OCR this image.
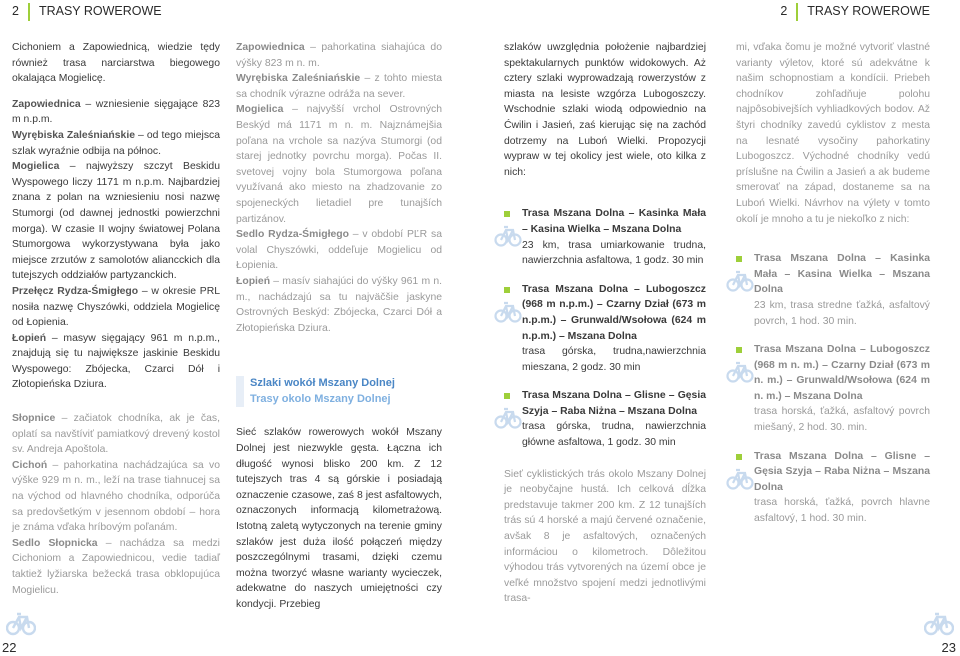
2 TRASY ROWEROWE	2 TRASY ROWEROWE

Cichoniem a Zapowiednicą, wiedzie tędy również trasa narciarstwa biegowego okalająca Mogielicę.

Zapowiednica – wzniesienie sięgające 823 m n.p.m.

Wyrębiska Zaleśniańskie – od tego miejsca szlak wyraźnie odbija na północ.

Mogielica – najwyższy szczyt Beskidu Wyspowego liczy 1171 m n.p.m. Najbardziej znana z polan na wzniesieniu nosi nazwę Stumorgi (od dawnej jednostki powierzchni morga). W czasie II wojny światowej Polana Stumorgowa wykorzystywana była jako miejsce zrzutów z samolotów aliancckich dla tutejszych oddziałów partyzanckich.

Przełęcz Rydza-Śmigłego – w okresie PRL nosiła nazwę Chyszówki, oddziela Mogielicę od Łopienia.

Łopień – masyw sięgający 961 m n.p.m., znajdują się tu największe jaskinie Beskidu Wyspowego: Zbójecka, Czarci Dół i Złotopieńska Dziura.

Słopnice – začiatok chodníka, ak je čas, oplatí sa navštíviť pamiatkový drevený kostol sv. Andreja Apoštola.

Cichoń – pahorkatina nachádzajúca sa vo výške 929 m n. m., leží na trase tiahnucej sa na východ od hlavného chodníka, odporúča sa predovšetkým v jesennom období – hora je známa vďaka hríbovým poľanám.

Sedlo Słopnicka – nachádza sa medzi Cichoniom a Zapowiednicou, vedie tadiaľ taktiež lyžiarska bežecká trasa obklopujúca Mogielicu.

Zapowiednica – pahorkatina siahajúca do výšky 823 m n. m.

Wyrębiska Zaleśniańskie – z tohto miesta sa chodník výrazne odráža na sever.

Mogielica – najvyšší vrchol Ostrovných Beskýd má 1171 m n. m. Najznámejšia poľana na vrchole sa nazýva Stumorgi (od starej jednotky povrchu morga). Počas II. svetovej vojny bola Stumorgowa poľana využívaná ako miesto na zhadzovanie zo spojeneckých lietadiel pre tunajších partizánov.

Sedlo Rydza-Śmigłego – v období PĽR sa volal Chyszówki, oddeľuje Mogielicu od Łopienia.

Łopień – masív siahajúci do výšky 961 m n. m., nachádzajú sa tu najväčšie jaskyne Ostrovných Beskýd: Zbójecka, Czarci Dół a Złotopieńska Dziura.

Szlaki wokół Mszany Dolnej
Trasy okolo Mszany Dolnej

Sieć szlaków rowerowych wokół Mszany Dolnej jest niezwykle gęsta. Łączna ich długość wynosi blisko 200 km. Z 12 tutejszych tras 4 są górskie i posiadają oznaczenie czasowe, zaś 8 jest asfaltowych, oznaczonych informacją kilometrażową. Istotną zaletą wytyczonych na terenie gminy szlaków jest duża ilość połączeń między poszczególnymi trasami, dzięki czemu można tworzyć własne warianty wycieczek, adekwatne do naszych umiejętności czy kondycji. Przebieg

szlaków uwzględnia położenie najbardziej spektakularnych punktów widokowych. Aż cztery szlaki wyprowadzają rowerzystów z miasta na lesiste wzgórza Lubogoszczy. Wschodnie szlaki wiodą odpowiednio na Ćwilin i Jasień, zaś kierując się na zachód dotrzemy na Luboń Wielki. Propozycji wypraw w tej okolicy jest wiele, oto kilka z nich:

Trasa Mszana Dolna – Kasinka Mała – Kasina Wielka – Mszana Dolna
23 km, trasa umiarkowanie trudna, nawierzchnia asfaltowa, 1 godz. 30 min
Trasa Mszana Dolna – Lubogoszcz (968 m n.p.m.) – Czarny Dział (673 m n.p.m.) – Grunwald/Wsołowa (624 m n.p.m.) – Mszana Dolna
trasa górska, trudna,nawierzchnia mieszana, 2 godz. 30 min
Trasa Mszana Dolna – Glisne – Gęsia Szyja – Raba Niżna – Mszana Dolna
trasa górska, trudna, nawierzchnia główne asfaltowa, 1 godz. 30 min

Sieť cyklistických trás okolo Mszany Dolnej je neobyčajne hustá. Ich celková dĺžka predstavuje takmer 200 km. Z 12 tunajších trás sú 4 horské a majú červené označenie, avšak 8 je asfaltových, označených informáciou o kilometroch. Dôležitou výhodou trás vytvorených na území obce je veľké množstvo spojení medzi jednotlivými trasa-

mi, vďaka čomu je možné vytvoriť vlastné varianty výletov, ktoré sú adekvátne k našim schopnostiam a kondícii. Priebeh chodníkov zohľadňuje polohu najpôsobivejších vyhliadkových bodov. Až štyri chodníky zavedú cyklistov z mesta na lesnaté vysočiny pahorkatiny Lubogoszcz. Východné chodníky vedú príslušne na Ćwilin a Jasień a ak budeme smerovať na západ, dostaneme sa na Luboń Wielki. Návrhov na výlety v tomto okolí je mnoho a tu je niekoľko z nich:

Trasa Mszana Dolna – Kasinka Mała – Kasina Wielka – Mszana Dolna
23 km, trasa stredne ťažká, asfaltový povrch, 1 hod. 30 min.
Trasa Mszana Dolna – Lubogoszcz (968 m n. m.) – Czarny Dział (673 m n. m.) – Grunwald/Wsołowa (624 m n. m.) – Mszana Dolna
trasa horská, ťažká, asfaltový povrch miešaný, 2 hod. 30. min.
Trasa Mszana Dolna – Glisne – Gęsia Szyja – Raba Niżna – Mszana Dolna
trasa horská, ťažká, povrch hlavne asfaltový, 1 hod. 30 min.
22	23
